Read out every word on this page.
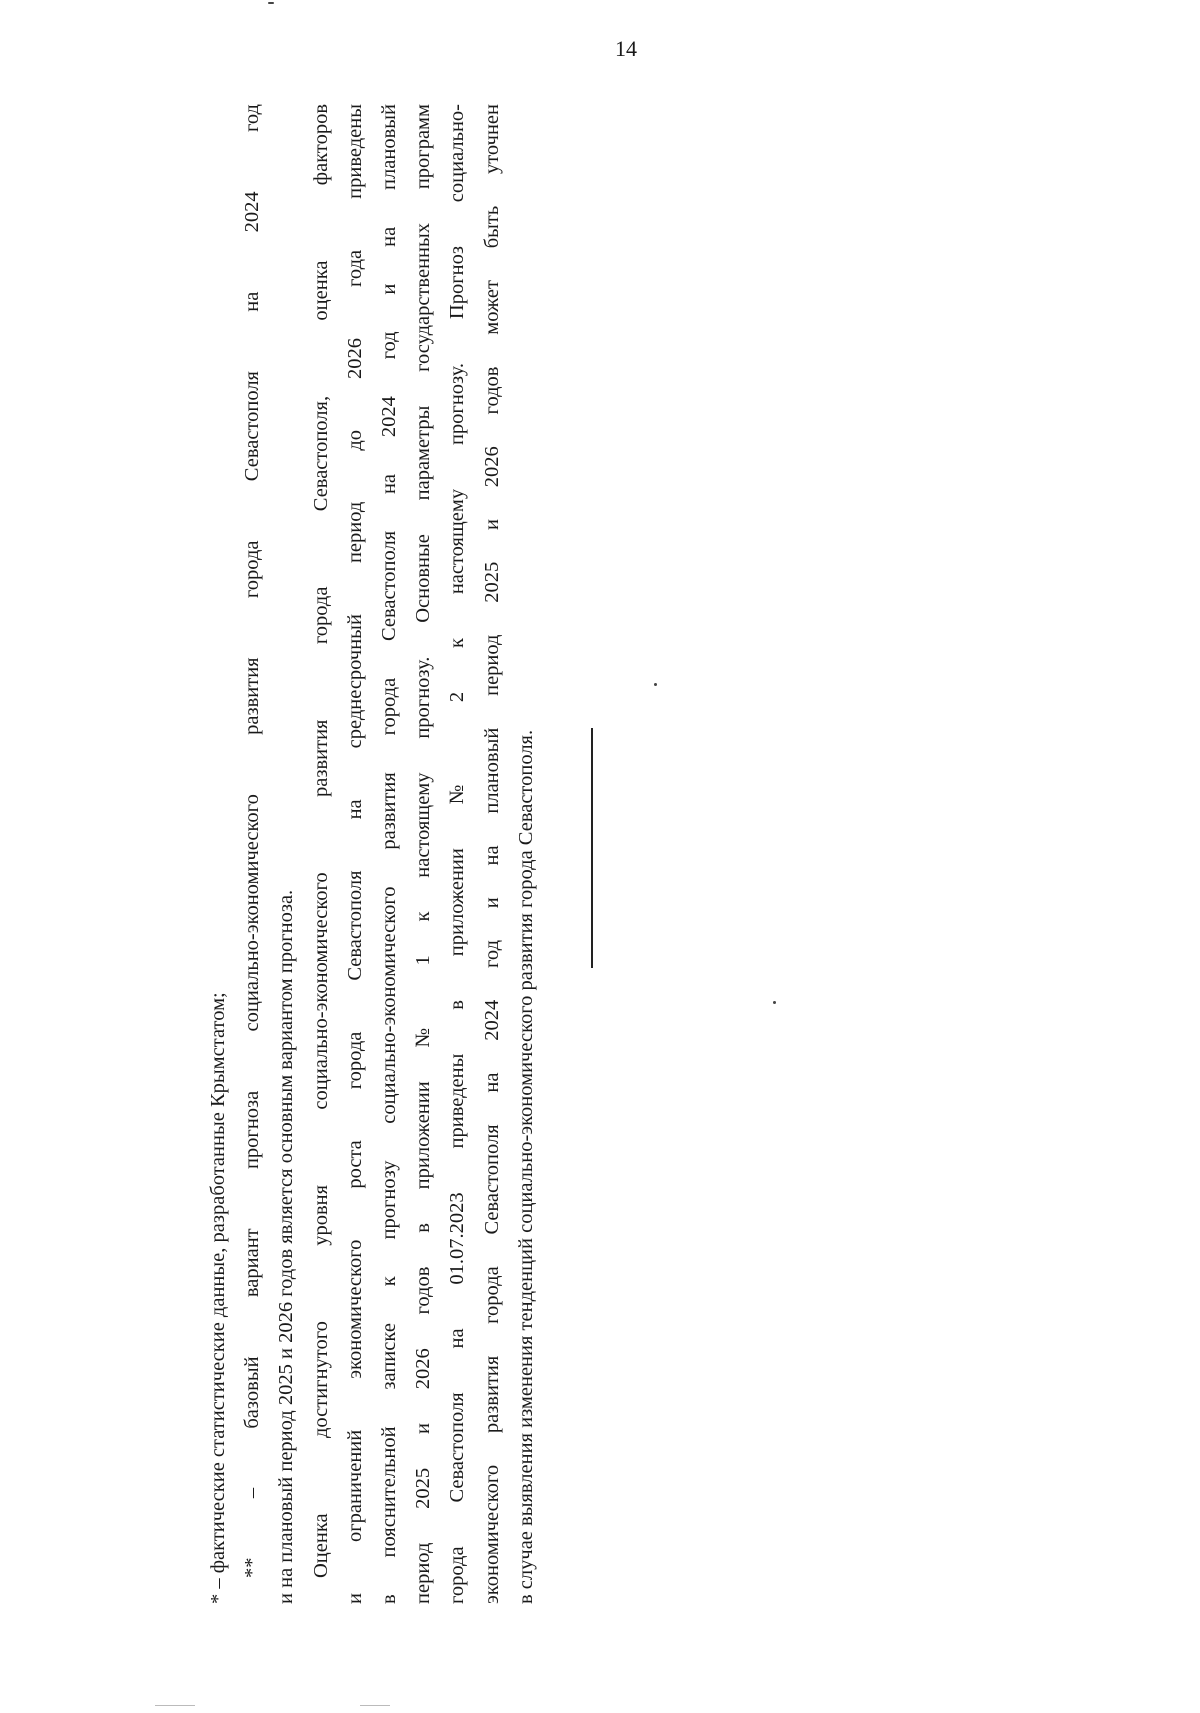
14
* – фактические статистические данные, разработанные Крымстатом; ** – базовый вариант прогноза социально-экономического развития города Севастополя на 2024 год и на плановый период 2025 и 2026 годов является основным вариантом прогноза. Оценка достигнутого уровня социально-экономического развития города Севастополя, оценка факторов и ограничений экономического роста города Севастополя на среднесрочный период до 2026 года приведены в пояснительной записке к прогнозу социально-экономического развития города Севастополя на 2024 год и на плановый период 2025 и 2026 годов в приложении № 1 к настоящему прогнозу. Основные параметры государственных программ города Севастополя на 01.07.2023 приведены в приложении № 2 к настоящему прогнозу. Прогноз социально- экономического развития города Севастополя на 2024 год и на плановый период 2025 и 2026 годов может быть уточнен в случае выявления изменения тенденций социально-экономического развития города Севастополя.
